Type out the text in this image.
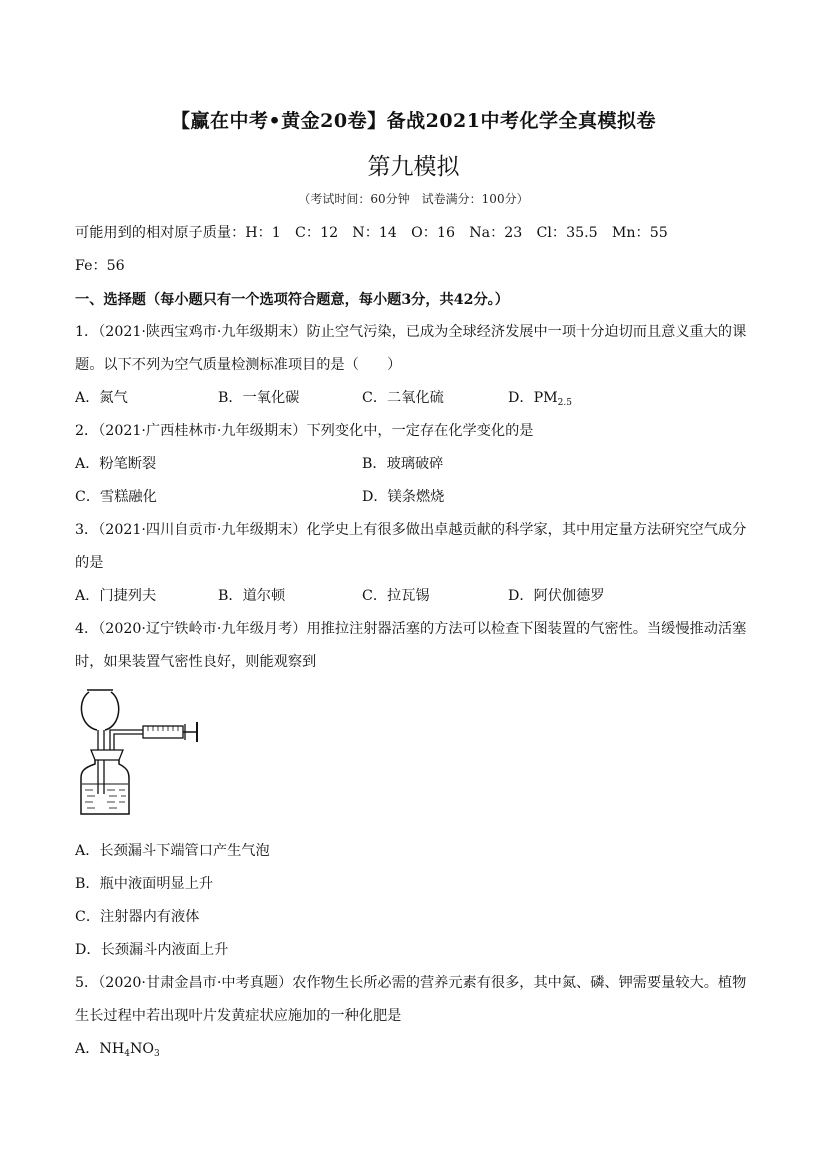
【赢在中考•黄金20卷】备战2021中考化学全真模拟卷
第九模拟
（考试时间：60分钟　试卷满分：100分）
可能用到的相对原子质量：H：1　C：12　N：14　O：16　Na：23　Cl：35.5　Mn：55
Fe：56
一、选择题（每小题只有一个选项符合题意，每小题3分，共42分。）
1．（2021·陕西宝鸡市·九年级期末）防止空气污染，已成为全球经济发展中一项十分迫切而且意义重大的课
题。以下不列为空气质量检测标准项目的是（　　）
A．氮气	B．一氧化碳	C．二氧化硫	D．$PM_{2.5}$
2．（2021·广西桂林市·九年级期末）下列变化中，一定存在化学变化的是
A．粉笔断裂	B．玻璃破碎
C．雪糕融化	D．镁条燃烧
3．（2021·四川自贡市·九年级期末）化学史上有很多做出卓越贡献的科学家，其中用定量方法研究空气成分
的是
A．门捷列夫	B．道尔顿	C．拉瓦锡	D．阿伏伽德罗
4．（2020·辽宁铁岭市·九年级月考）用推拉注射器活塞的方法可以检查下图装置的气密性。当缓慢推动活塞
时，如果装置气密性良好，则能观察到
A．长颈漏斗下端管口产生气泡
B．瓶中液面明显上升
C．注射器内有液体
D．长颈漏斗内液面上升
5．（2020·甘肃金昌市·中考真题）农作物生长所必需的营养元素有很多，其中氮、磷、钾需要量较大。植物
生长过程中若出现叶片发黄症状应施加的一种化肥是
A．$NH_4NO_3$
